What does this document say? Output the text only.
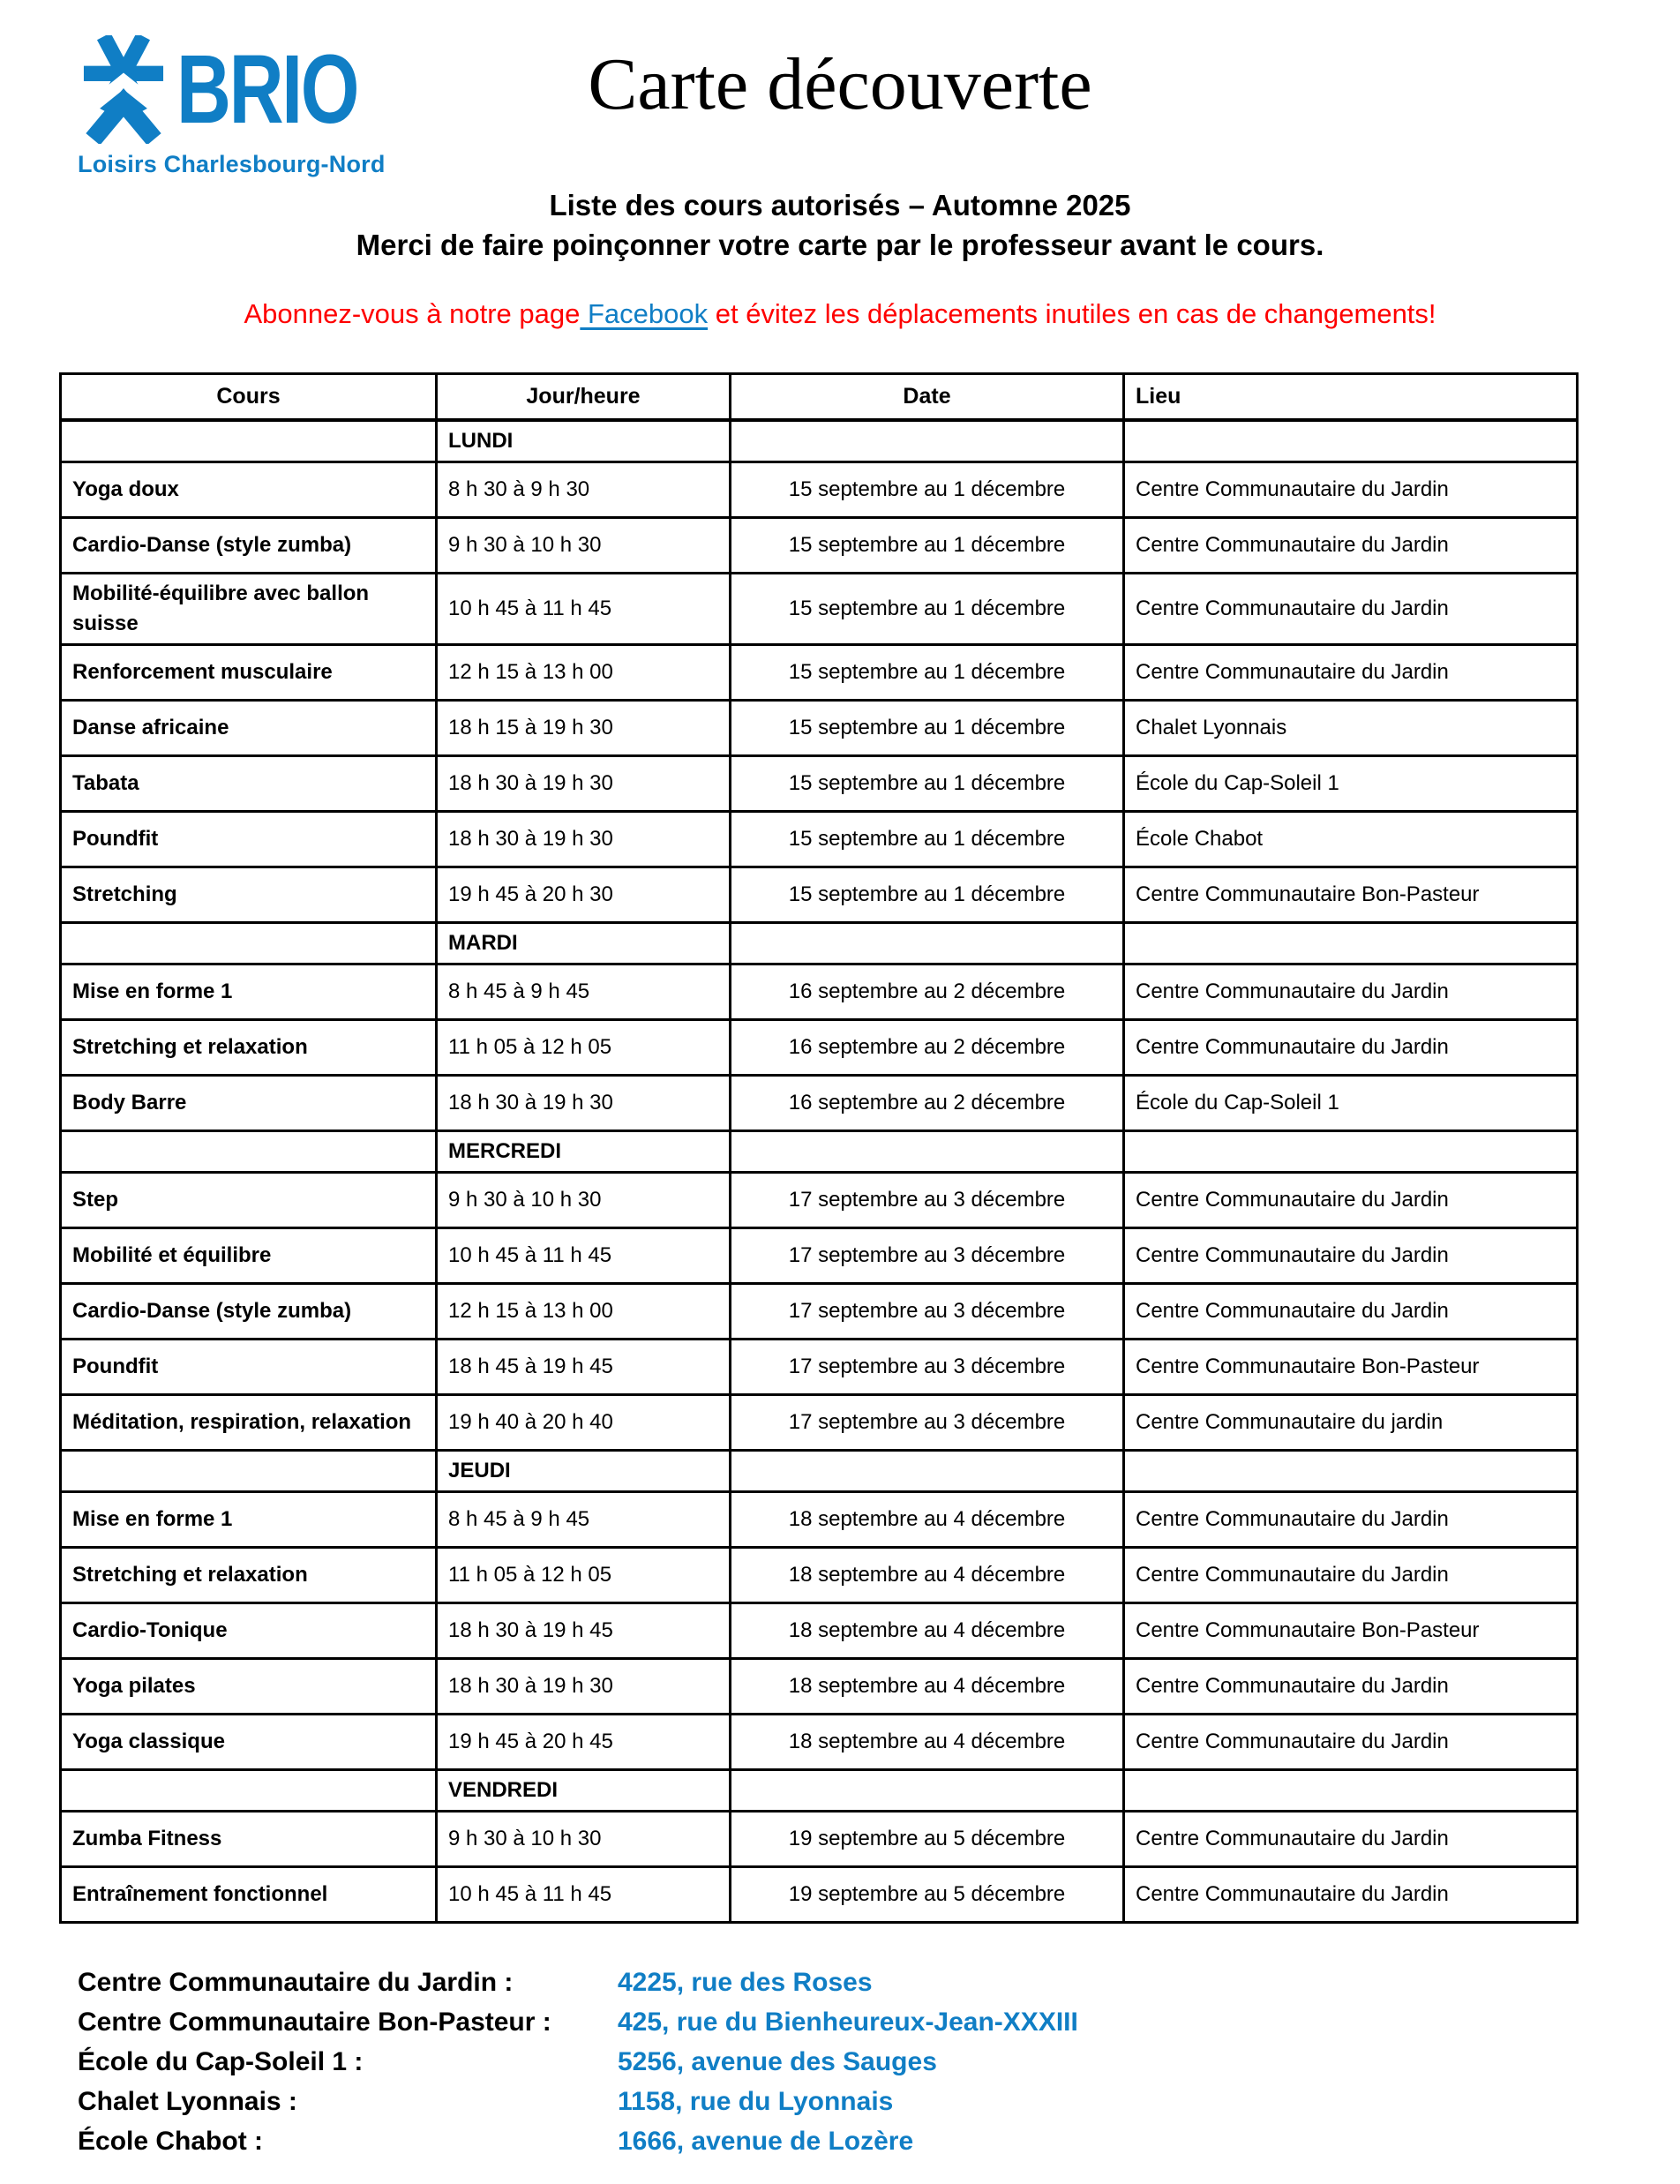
BRIO
Loisirs Charlesbourg-Nord
Carte découverte
Liste des cours autorisés – Automne 2025
Merci de faire poinçonner votre carte par le professeur avant le cours.
Abonnez-vous à notre page Facebook et évitez les déplacements inutiles en cas de changements!
Cours	Jour/heure	Date	Lieu
	LUNDI		
Yoga doux	8 h 30 à 9 h 30	15 septembre au 1 décembre	Centre Communautaire du Jardin
Cardio-Danse (style zumba)	9 h 30 à 10 h 30	15 septembre au 1 décembre	Centre Communautaire du Jardin
Mobilité-équilibre avec ballon suisse	10 h 45 à 11 h 45	15 septembre au 1 décembre	Centre Communautaire du Jardin
Renforcement musculaire	12 h 15 à 13 h 00	15 septembre au 1 décembre	Centre Communautaire du Jardin
Danse africaine	18 h 15 à 19 h 30	15 septembre au 1 décembre	Chalet Lyonnais
Tabata	18 h 30 à 19 h 30	15 septembre au 1 décembre	École du Cap-Soleil 1
Poundfit	18 h 30 à 19 h 30	15 septembre au 1 décembre	École Chabot
Stretching	19 h 45 à 20 h 30	15 septembre au 1 décembre	Centre Communautaire Bon-Pasteur
	MARDI		
Mise en forme 1	8 h 45 à 9 h 45	16 septembre au 2 décembre	Centre Communautaire du Jardin
Stretching et relaxation	11 h 05 à 12 h 05	16 septembre au 2 décembre	Centre Communautaire du Jardin
Body Barre	18 h 30 à 19 h 30	16 septembre au 2 décembre	École du Cap-Soleil 1
	MERCREDI		
Step	9 h 30 à 10 h 30	17 septembre au 3 décembre	Centre Communautaire du Jardin
Mobilité et équilibre	10 h 45 à 11 h 45	17 septembre au 3 décembre	Centre Communautaire du Jardin
Cardio-Danse (style zumba)	12 h 15 à 13 h 00	17 septembre au 3 décembre	Centre Communautaire du Jardin
Poundfit	18 h 45 à 19 h 45	17 septembre au 3 décembre	Centre Communautaire Bon-Pasteur
Méditation, respiration, relaxation	19 h 40 à 20 h 40	17 septembre au 3 décembre	Centre Communautaire du jardin
	JEUDI		
Mise en forme 1	8 h 45 à 9 h 45	18 septembre au 4 décembre	Centre Communautaire du Jardin
Stretching et relaxation	11 h 05 à 12 h 05	18 septembre au 4 décembre	Centre Communautaire du Jardin
Cardio-Tonique	18 h 30 à 19 h 45	18 septembre au 4 décembre	Centre Communautaire Bon-Pasteur
Yoga pilates	18 h 30 à 19 h 30	18 septembre au 4 décembre	Centre Communautaire du Jardin
Yoga classique	19 h 45 à 20 h 45	18 septembre au 4 décembre	Centre Communautaire du Jardin
	VENDREDI		
Zumba Fitness	9 h 30 à 10 h 30	19 septembre au 5 décembre	Centre Communautaire du Jardin
Entraînement fonctionnel	10 h 45 à 11 h 45	19 septembre au 5 décembre	Centre Communautaire du Jardin
Centre Communautaire du Jardin :	4225, rue des Roses
Centre Communautaire Bon-Pasteur :	425, rue du Bienheureux-Jean-XXXIII
École du Cap-Soleil 1 :	5256, avenue des Sauges
Chalet Lyonnais :	1158, rue du Lyonnais
École Chabot :	1666, avenue de Lozère
